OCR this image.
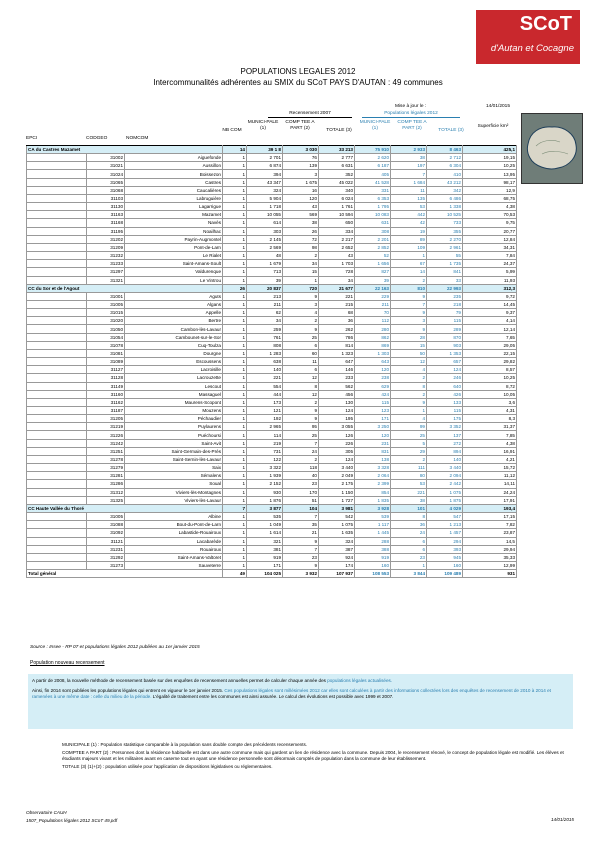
SCoT
d'Autan et Cocagne
POPULATIONS LEGALES 2012
Intercommunalités adhérentes au SMIX du SCoT PAYS D'AUTAN : 49 communes
Mise à jour le :	14/01/2015
Recensement 2007	Populations légales 2012
EPCI	CODGEO	NOMCOM
NB COM
MUNICI-PALE (1)
COMP TEE A PART (2)	TOTALE (3)
MUNICI-PALE (1)
COMP TEE A PART (2)	TOTALE (3)
Superficie km²
CA du Castres Mazamet			14	39 1 8	3 030	33 213	75 910	2 933	8 463	425,1
	31002	Aiguefonde	1	2 701	76	2 777	2 620	38	2 712	19,15
	31021	Aussillon	1	6 874	139	6 631	6 187	197	6 304	10,25
	31024	Boissezon	1	394	3	352	405	7	410	13,95
	31065	Castres	1	43 347	1 675	45 022	41 528	1 684	43 212	98,17
	31068	Caucalières	1	324	16	340	331	11	342	12,9
	31103	Labruguière	1	5 904	120	6 024	6 353	135	6 486	68,75
	31130	Lagarrigue	1	1 718	43	1 761	1 795	53	1 338	4,38
	31163	Mazamet	1	10 055	569	10 594	10 083	442	10 525	70,53
	31168	Navès	1	614	38	650	631	42	733	9,75
	31195	Noailhac	1	303	26	334	308	19	355	20,77
	31202	Payrin-Augmontel	1	2 145	72	2 217	2 201	89	2 270	12,84
	31209	Pont-de-Larn	1	2 569	98	2 652	2 852	109	2 961	34,31
	31232	Le Rialet	1	48	2	43	52	1	55	7,84
	31233	Saint-Amans-Soult	1	1 679	34	1 703	1 656	67	1 735	24,37
	31297	Valdurenque	1	713	15	728	827	14	841	5,99
	31321	Le Vintrou	1	39	1	34	39	2	33	11,93
CC du Sor et de l'Agout			26	20 837	720	21 677	22 163	810	22 993	312,3
	31001	Aguts	1	213	9	221	229	9	235	9,72
	31005	Algans	1	211	3	215	211	7	218	14,45
	31015	Appelle	1	62	4	68	70	9	79	9,37
	31020	Bertre	1	34	2	36	112	3	115	4,14
	31050	Cambon-lès-Lavaur	1	259	9	262	280	9	289	12,14
	31054	Cambounet-sur-le-Sor	1	761	25	786	862	28	870	7,65
	31078	Cuq-Toulza	1	808	6	814	869	15	903	29,05
	31081	Dourgne	1	1 283	60	1 323	1 303	50	1 353	22,15
	31089	Escoussens	1	638	11	647	643	12	657	29,82
	31127	Lacroisille	1	140	6	146	120	4	124	8,57
	31128	Lacrouzette	1	221	12	233	238	2	246	10,25
	31149	Lescout	1	554	8	562	629	8	640	8,72
	31160	Massaguel	1	444	12	456	424	2	426	10,05
	31162	Maurens-Scopont	1	173	2	130	115	9	133	3,6
	31187	Mouzens	1	121	9	124	123	1	115	4,31
	31205	Péchaudier	1	192	9	195	171	4	175	8,3
	31219	Puylaurens	1	2 965	95	3 055	3 250	99	3 352	31,37
	31226	Puéchoursi	1	114	25	126	120	25	137	7,85
	31242	Saint-Avit	1	219	7	226	231	5	272	4,38
	31251	Saint-Germain-des-Prés	1	731	24	305	831	29	894	16,91
	31278	Saint-Sernin-lès-Lavaur	1	122	2	124	138	2	140	4,21
	31279	Saix	1	3 322	118	3 440	3 328	111	3 440	15,72
	31281	Sémalens	1	1 939	40	2 049	2 064	80	2 094	11,12
	31286	Soual	1	2 152	23	2 175	2 399	53	2 442	14,11
	31312	Viviers-lès-Montagnes	1	930	170	1 150	854	221	1 075	24,24
	31325	Viviers-lès-Lavaur	1	1 876	51	1 727	1 835	38	1 875	17,91
CC Haute Vallée du Thoré			7	3 877	104	3 981	3 928	101	4 029	193,4
	31005	Albine	1	535	7	542	539	8	547	17,15
	31088	Bout-du-Pont-de-Larn	1	1 049	35	1 075	1 117	36	1 213	7,82
	31092	Labastide-Rouairoux	1	1 614	21	1 635	1 445	24	1 457	23,87
	31121	Lacabarède	1	321	9	324	288	6	294	14,5
	31231	Rouairoux	1	381	7	387	388	6	393	29,94
	31292	Saint-Amans-Valtoret	1	919	23	924	919	23	945	35,33
	31273	Sauveterre	1	171	9	174	160	1	160	12,99
Total général			49	104 025	3 932	107 937	108 553	3 844	109 489	931
Source : Insee - RP 07 et populations légales 2012 publiées au 1er janvier 2015
Population nouveau recensement

A partir de 2008, la nouvelle méthode de recensement basée sur des enquêtes de recensement annuelles permet de calculer chaque année des populations légales actualisées.

Ainsi, fin 2014 sont publiées les populations légales qui entrent en vigueur le 1er janvier 2015. Ces populations légales sont millésimées 2012 car elles sont calculées à partir des informations collectées lors des enquêtes de recensement de 2010 à 2014 et ramenées à une même date : celle du milieu de la période. L'égalité de traitement entre les communes est ainsi assurée. Le calcul des évolutions est possible avec 1999 et 2007.

MUNICIPALE (1) : Population statistique comparable à la population sans double compte des précédents recensements.

COMPTEE A PART (2) : Personnes dont la résidence habituelle est dans une autre commune mais qui gardent un lien de résidence avec la commune. Depuis 2004, le recensement rénové, le concept de population légale est modifié. Les élèves et étudiants majeurs vivant et les militaires avant en caserne tout en ayant une résidence personnelle sont désormais comptés de population dans la commune de leur établissement.

TOTALE (3) (1)+(2) : population utilisée pour l'application de dispositions législatives ou réglementaires.

Observatoire CAUH
1507_Populations légales 2012 SCoT 49.pdf	14/01/2015
